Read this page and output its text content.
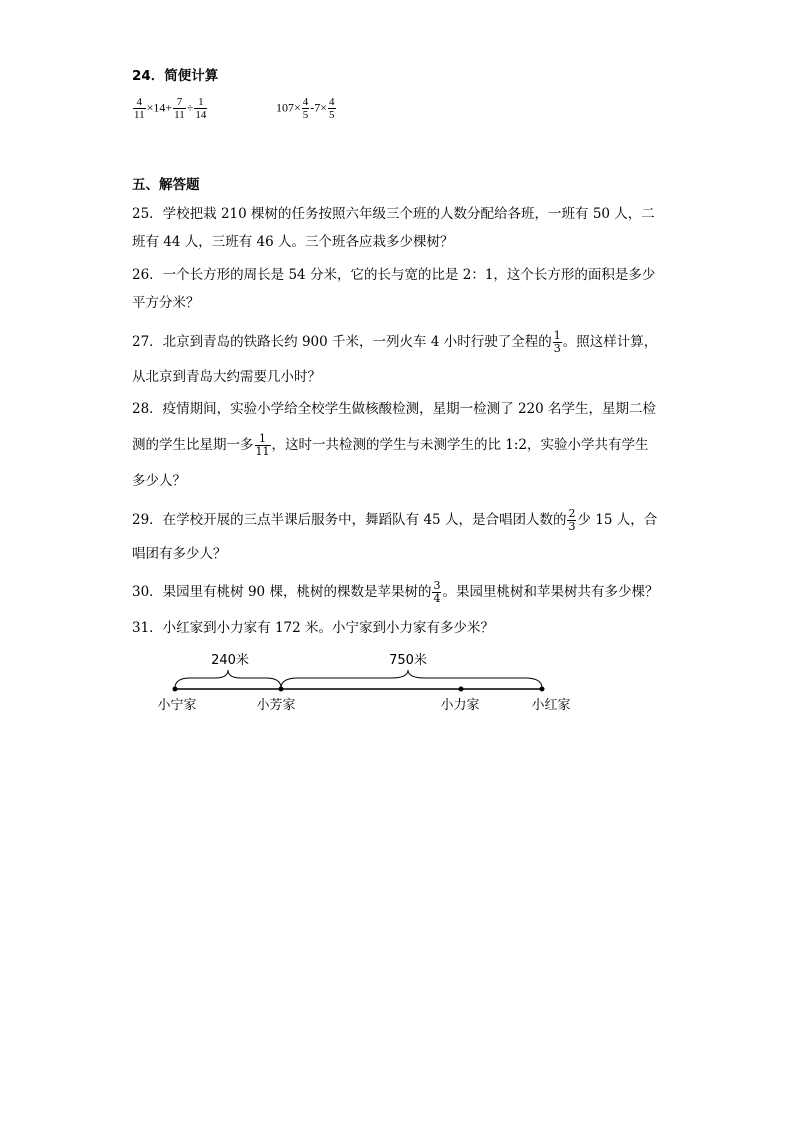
24．简便计算
$\frac{4}{11} \times 14+ \frac{7}{11} \div \frac{1}{14}$	$107\times \frac{4}{5} -7\times \frac{4}{5}$
五、解答题
25．学校把栽 210 棵树的任务按照六年级三个班的人数分配给各班，一班有 50 人，二
班有 44 人，三班有 46 人。三个班各应栽多少棵树？
26．一个长方形的周长是 54 分米，它的长与宽的比是 2：1，这个长方形的面积是多少
平方分米？
27．北京到青岛的铁路长约 900 千米，一列火车 4 小时行驶了全程的 $\frac{1}{3}$ 。照这样计算，
从北京到青岛大约需要几小时？
28．疫情期间，实验小学给全校学生做核酸检测，星期一检测了 220 名学生，星期二检
测的学生比星期一多 $\frac{1}{11}$ ，这时一共检测的学生与未测学生的比 1:2，实验小学共有学生
多少人？
29．在学校开展的三点半课后服务中，舞蹈队有 45 人，是合唱团人数的 $\frac{2}{3}$ 少 15 人，合
唱团有多少人？
30．果园里有桃树 90 棵，桃树的棵数是苹果树的 $\frac{3}{4}$ 。果园里桃树和苹果树共有多少棵？
31．小红家到小力家有 172 米。小宁家到小力家有多少米？
240米	750米
小宁家	小芳家	小力家	小红家
